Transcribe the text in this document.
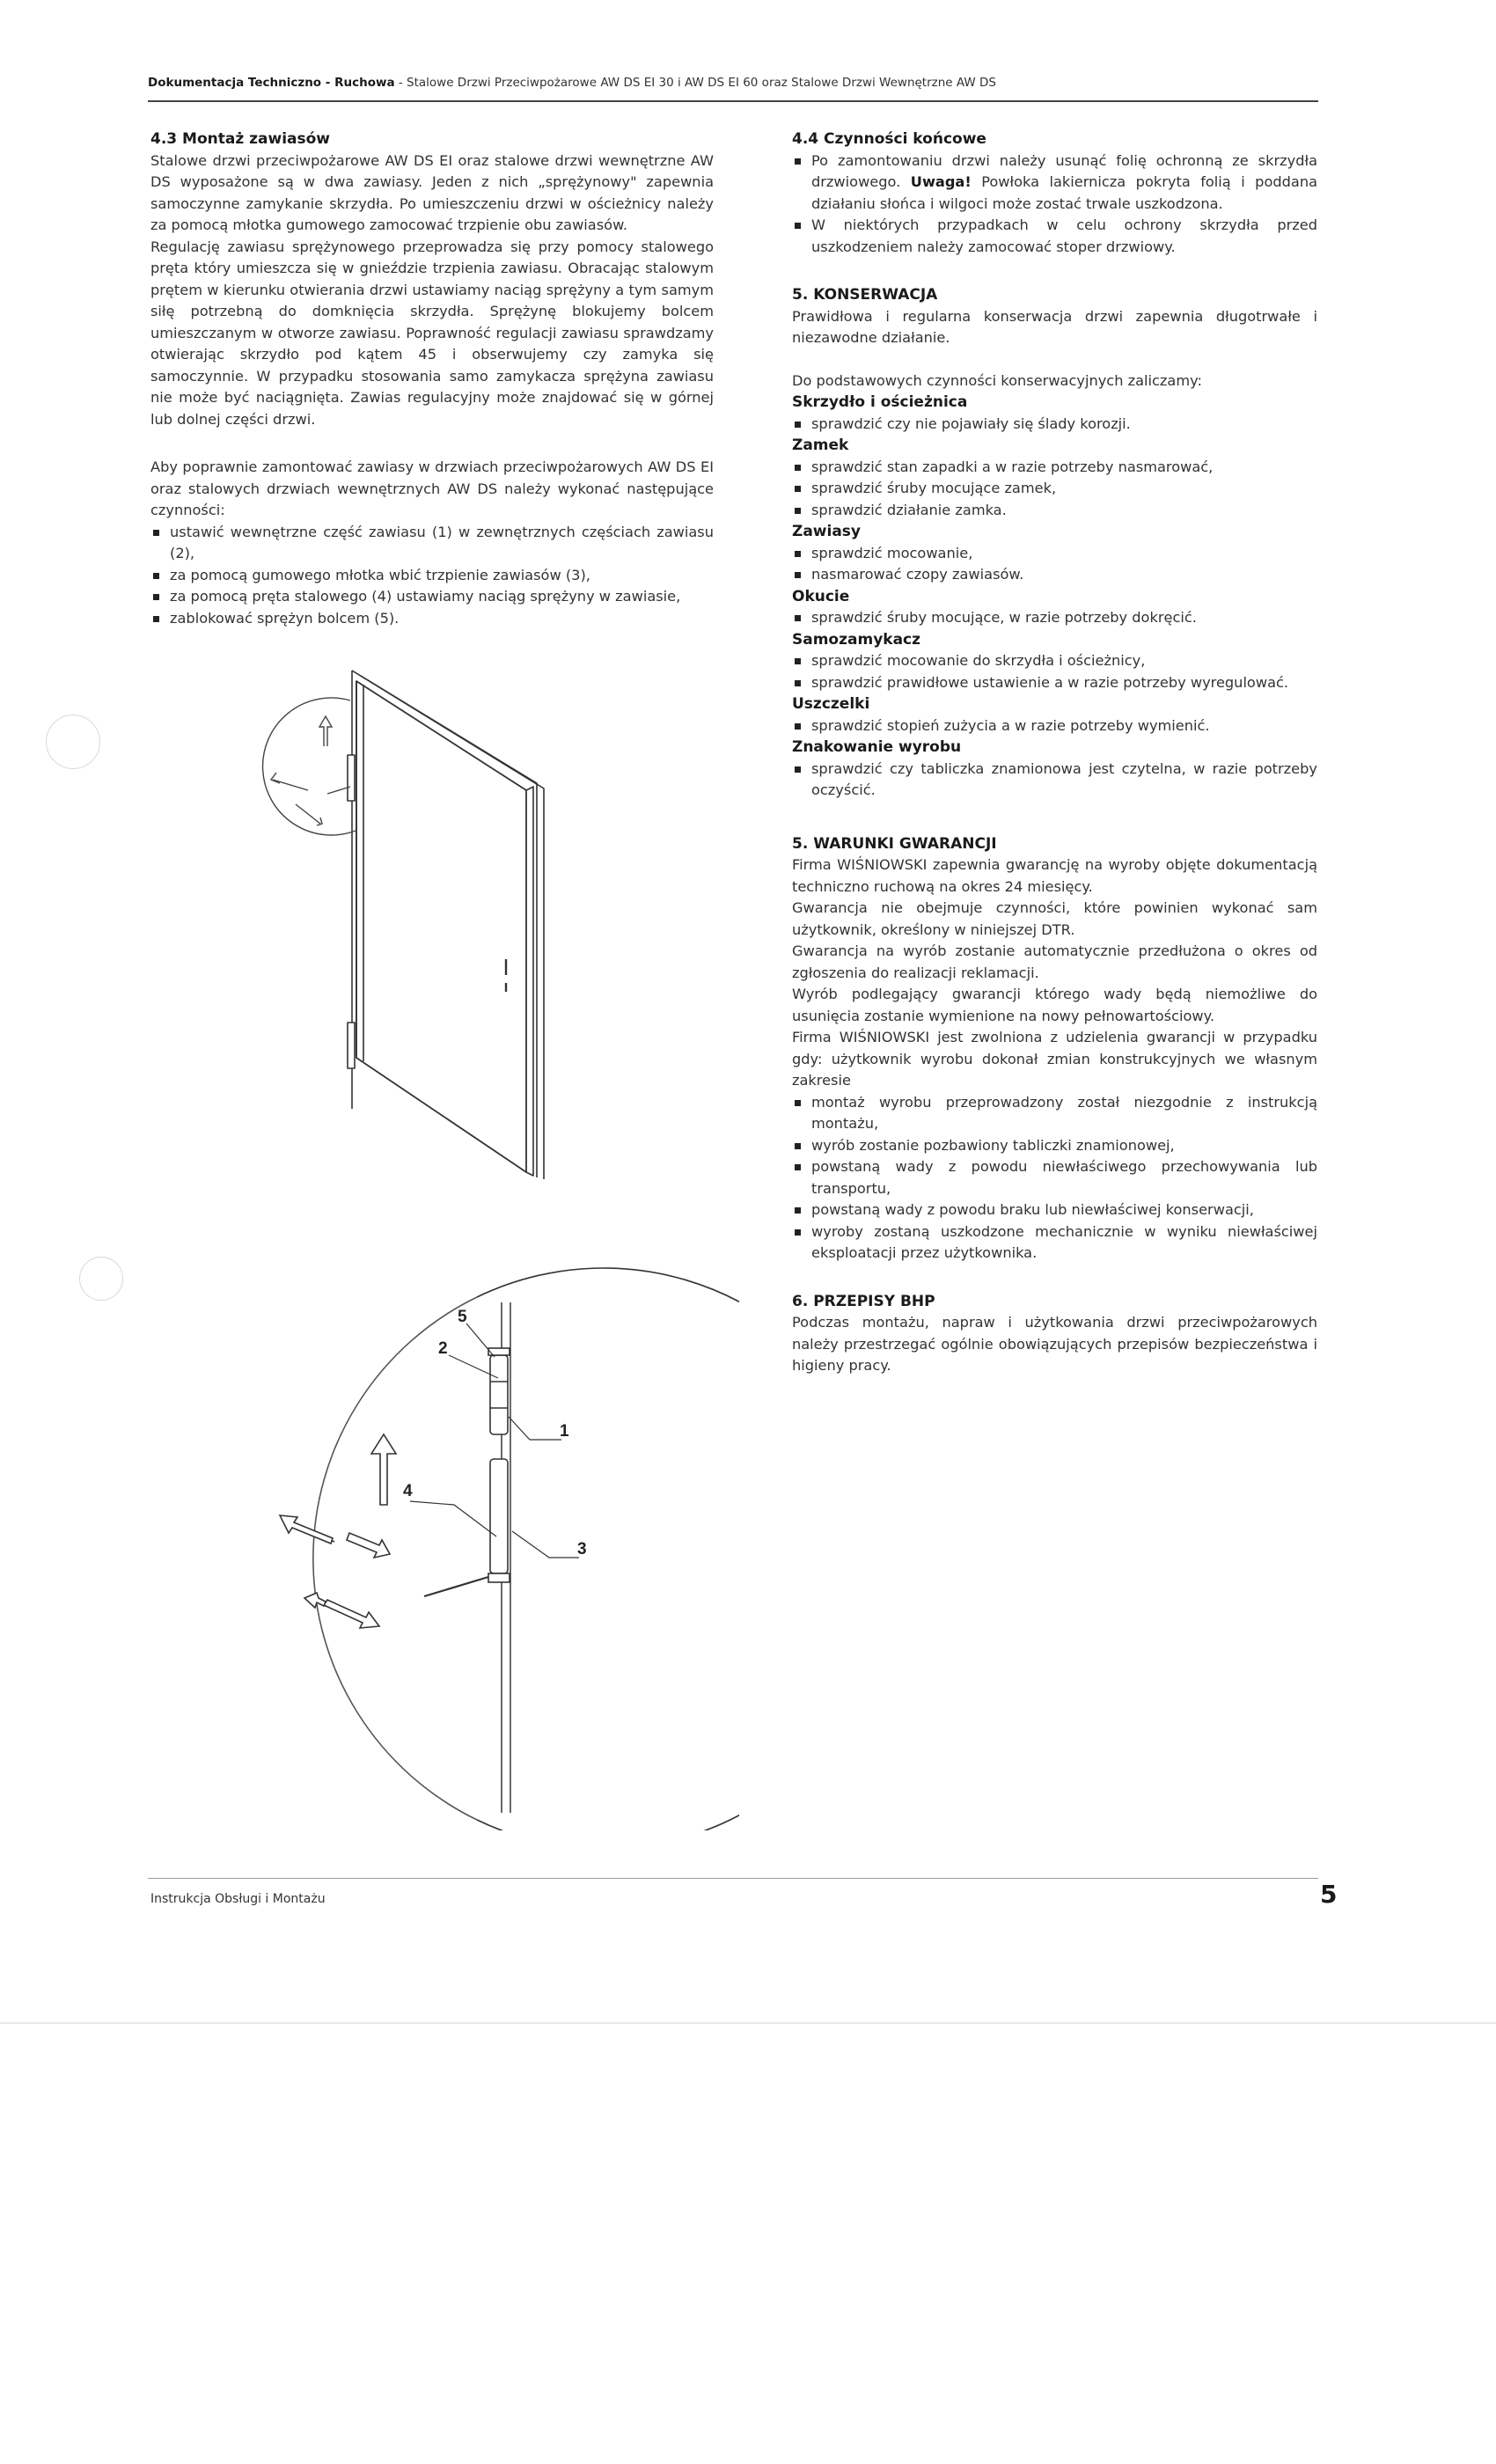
Dokumentacja Techniczno - Ruchowa - Stalowe Drzwi Przeciwpożarowe AW DS EI 30 i AW DS EI 60 oraz Stalowe Drzwi Wewnętrzne AW DS
4.3 Montaż zawiasów

Stalowe drzwi przeciwpożarowe AW DS EI oraz stalowe drzwi wewnętrzne AW DS wyposażone są w dwa zawiasy. Jeden z nich „sprężynowy" zapewnia samoczynne zamykanie skrzydła. Po umieszczeniu drzwi w ościeżnicy należy za pomocą młotka gumowego zamocować trzpienie obu zawiasów.

Regulację zawiasu sprężynowego przeprowadza się przy pomocy stalowego pręta który umieszcza się w gnieździe trzpienia zawiasu. Obracając stalowym prętem w kierunku otwierania drzwi ustawiamy naciąg sprężyny a tym samym siłę potrzebną do domknięcia skrzydła. Sprężynę blokujemy bolcem umieszczanym w otworze zawiasu. Poprawność regulacji zawiasu sprawdzamy otwierając skrzydło pod kątem 45 i obserwujemy czy zamyka się samoczynnie. W przypadku stosowania samo zamykacza sprężyna zawiasu nie może być naciągnięta. Zawias regulacyjny może znajdować się w górnej lub dolnej części drzwi.

Aby poprawnie zamontować zawiasy w drzwiach przeciwpożarowych AW DS EI oraz stalowych drzwiach wewnętrznych AW DS należy wykonać następujące czynności:

ustawić wewnętrzne część zawiasu (1) w zewnętrznych częściach zawiasu (2),
za pomocą gumowego młotka wbić trzpienie zawiasów (3),
za pomocą pręta stalowego (4) ustawiamy naciąg sprężyny w zawiasie,
zablokować sprężyn bolcem (5).
4.4 Czynności końcowe
Po zamontowaniu drzwi należy usunąć folię ochronną ze skrzydła drzwiowego. Uwaga! Powłoka lakiernicza pokryta folią i poddana działaniu słońca i wilgoci może zostać trwale uszkodzona.
W niektórych przypadkach w celu ochrony skrzydła przed uszkodzeniem należy zamocować stoper drzwiowy.
5. KONSERWACJA

Prawidłowa i regularna konserwacja drzwi zapewnia długotrwałe i niezawodne działanie.

Do podstawowych czynności konserwacyjnych zaliczamy:

Skrzydło i ościeżnica
sprawdzić czy nie pojawiały się ślady korozji.
Zamek
sprawdzić stan zapadki a w razie potrzeby nasmarować,
sprawdzić śruby mocujące zamek,
sprawdzić działanie zamka.
Zawiasy
sprawdzić mocowanie,
nasmarować czopy zawiasów.
Okucie
sprawdzić śruby mocujące, w razie potrzeby dokręcić.
Samozamykacz
sprawdzić mocowanie do skrzydła i ościeżnicy,
sprawdzić prawidłowe ustawienie a w razie potrzeby wyregulować.
Uszczelki
sprawdzić stopień zużycia a w razie potrzeby wymienić.
Znakowanie wyrobu
sprawdzić czy tabliczka znamionowa jest czytelna, w razie potrzeby oczyścić.
5. WARUNKI GWARANCJI

Firma WIŚNIOWSKI zapewnia gwarancję na wyroby objęte dokumentacją techniczno ruchową na okres 24 miesięcy.

Gwarancja nie obejmuje czynności, które powinien wykonać sam użytkownik, określony w niniejszej DTR.

Gwarancja na wyrób zostanie automatycznie przedłużona o okres od zgłoszenia do realizacji reklamacji.

Wyrób podlegający gwarancji którego wady będą niemożliwe do usunięcia zostanie wymienione na nowy pełnowartościowy.

Firma WIŚNIOWSKI jest zwolniona z udzielenia gwarancji w przypadku gdy: użytkownik wyrobu dokonał zmian konstrukcyjnych we własnym zakresie

montaż wyrobu przeprowadzony został niezgodnie z instrukcją montażu,
wyrób zostanie pozbawiony tabliczki znamionowej,
powstaną wady z powodu niewłaściwego przechowywania lub transportu,
powstaną wady z powodu braku lub niewłaściwej konserwacji,
wyroby zostaną uszkodzone mechanicznie w wyniku niewłaściwej eksploatacji przez użytkownika.
6. PRZEPISY BHP

Podczas montażu, napraw i użytkowania drzwi przeciwpożarowych należy przestrzegać ogólnie obowiązujących przepisów bezpieczeństwa i higieny pracy.

5
2
1
4
3
Instrukcja Obsługi i Montażu	5
